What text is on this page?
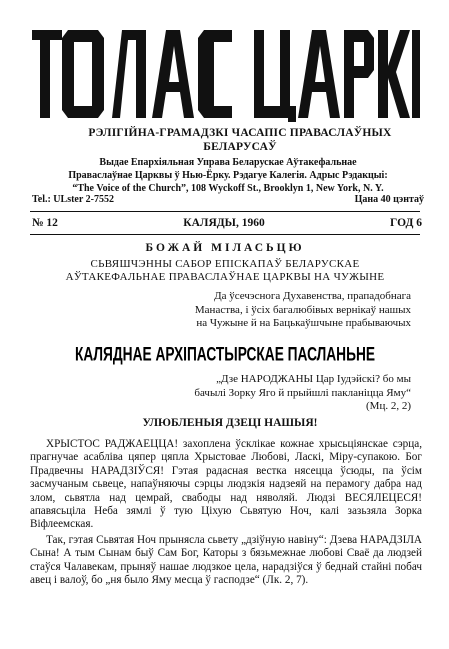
РЭЛІГІЙНА-ГРАМАДЗКІ ЧАСАПІС ПРАВАСЛАЎНЫХ БЕЛАРУСАЎ
Выдае Епархіяльная Управа Беларускае Аўтакефальнае
Праваслаўнае Царквы ў Нью-Ёрку. Рэдагуе Калегія. Адрыс Рэдакцыі:
“The Voice of the Church”, 108 Wyckoff St., Brooklyn 1, New York, N. Y.
Tel.: ULster 2-7552	Цана 40 цэнтаў
№ 12	КАЛЯДЫ, 1960	ГОД 6
БОЖАЙ МІЛАСЬЦЮ
СЬВЯШЧЭННЫ САБОР ЕПІСКАПАЎ БЕЛАРУСКАЕ
АЎТАКЕФАЛЬНАЕ ПРАВАСЛАЎНАЕ ЦАРКВЫ НА ЧУЖЫНЕ
Да ўсечэснога Духавенства, прападобнага
Манаства, і ўсіх багалюбівых вернікаў нашых
на Чужыне й на Бацькаўшчыне прабываючых
КАЛЯДНАЕ АРХІПАСТЫРСКАЕ ПАСЛАНЬНЕ
„Дзе НАРОДЖАНЫ Цар Іудэйскі? бо мы
бачылі Зорку Яго й прыйшлі пакланіцца Яму“
(Мц. 2, 2)
УЛЮБЛЕНЫЯ ДЗЕЦІ НАШЫЯ!

ХРЫСТОС РАДЖАЕЦЦА! захоплена ўсклікае кожнае хрысьціянскае сэрца, прагнучае асабліва цяпер цяпла Хрыстовае Любові, Ласкі, Міру-супакою. Бог Прадвечны НАРАДЗІЎСЯ! Гэтая радасная вестка нясецца ўсюды, па ўсім засмучаным сьвеце, напаўняючы сэрцы людзкія надзеяй на перамогу дабра над злом, сьвятла над цемрай, свабоды над няволяй. Людзі ВЕСЯЛЕЦЕСЯ! апавясьціла Неба зямлі ў тую Ціхую Сьвятую Ноч, калі зазьзяла Зорка Віфлеемская.

Так, гэтая Сьвятая Ноч прынясла сьвету „дзіўную навіну“: Дзева НАРАДЗІЛА Сына! А тым Сынам быў Сам Бог, Каторы з бязьмежнае любові Сваё да людзей стаўся Чалавекам, прыняў нашае людзкое цела, нарадзіўся ў беднай стайні побач авец і валоў, бо „ня было Яму месца ў гасподзе“ (Лк. 2, 7).
